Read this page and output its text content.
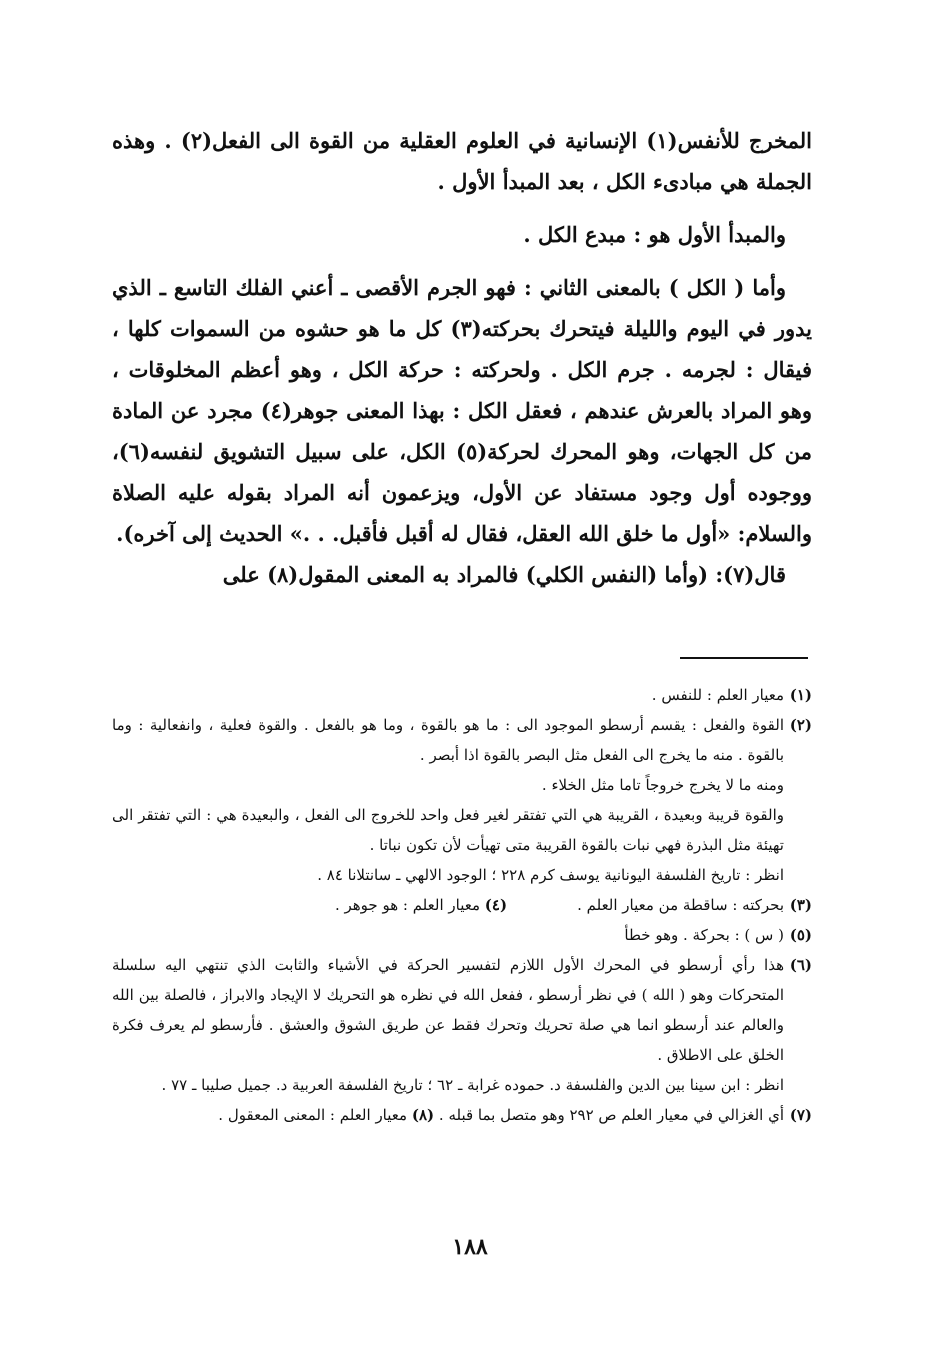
المخرج للأنفس(١) الإنسانية في العلوم العقلية من القوة الى الفعل(٢) . وهذه الجملة هي مبادىء الكل ، بعد المبدأ الأول .

والمبدأ الأول هو : مبدع الكل .

وأما ( الكل ) بالمعنى الثاني : فهو الجرم الأقصى ـ أعني الفلك التاسع ـ الذي يدور في اليوم والليلة فيتحرك بحركته(٣) كل ما هو حشوه من السموات كلها ، فيقال : لجرمه . جرم الكل . ولحركته : حركة الكل ، وهو أعظم المخلوقات ، وهو المراد بالعرش عندهم ، فعقل الكل : بهذا المعنى جوهر(٤) مجرد عن المادة من كل الجهات، وهو المحرك لحركة(٥) الكل، على سبيل التشويق لنفسه(٦)، ووجوده أول وجود مستفاد عن الأول، ويزعمون أنه المراد بقوله عليه الصلاة والسلام: «أول ما خلق الله العقل، فقال له أقبل فأقبل. . .» الحديث إلى آخره).

قال(٧): (وأما (النفس الكلي) فالمراد به المعنى المقول(٨) على

(١)

معيار العلم : للنفس .

(٢)

القوة والفعل : يقسم أرسطو الموجود الى : ما هو بالقوة ، وما هو بالفعل . والقوة فعلية ، وانفعالية : وما بالقوة . منه ما يخرج الى الفعل مثل البصر بالقوة اذا أبصر .

ومنه ما لا يخرج خروجاً تاما مثل الخلاء .

والقوة قريبة وبعيدة ، القريبة هي التي تفتقر لغير فعل واحد للخروج الى الفعل ، والبعيدة هي : التي تفتقر الى تهيئة مثل البذرة فهي نبات بالقوة القريبة متى تهيأت لأن تكون نباتا .

انظر : تاريخ الفلسفة اليونانية يوسف كرم ٢٢٨ ؛ الوجود الالهي ـ سانتلانا ٨٤ .

(٣)
بحركته : ساقطة من معيار العلم .
(٤) معيار العلم : هو جوهر .
(٥)

( س ) : بحركة . وهو خطأ

(٦)

هذا رأي أرسطو في المحرك الأول اللازم لتفسير الحركة في الأشياء والثابت الذي تنتهي اليه سلسلة المتحركات وهو ( الله ) في نظر أرسطو ، ففعل الله في نظره هو التحريك لا الإيجاد والابراز ، فالصلة بين الله والعالم عند أرسطو انما هي صلة تحريك وتحرك فقط عن طريق الشوق والعشق . فأرسطو لم يعرف فكرة الخلق على الاطلاق .

انظر : ابن سينا بين الدين والفلسفة د. حموده غرابة ـ ٦٢ ؛ تاريخ الفلسفة العربية د. جميل صليبا ـ ٧٧ .

(٧)

أي الغزالي في معيار العلم ص ٢٩٢ وهو متصل بما قبله . (٨) معيار العلم : المعنى المعقول .

١٨٨
